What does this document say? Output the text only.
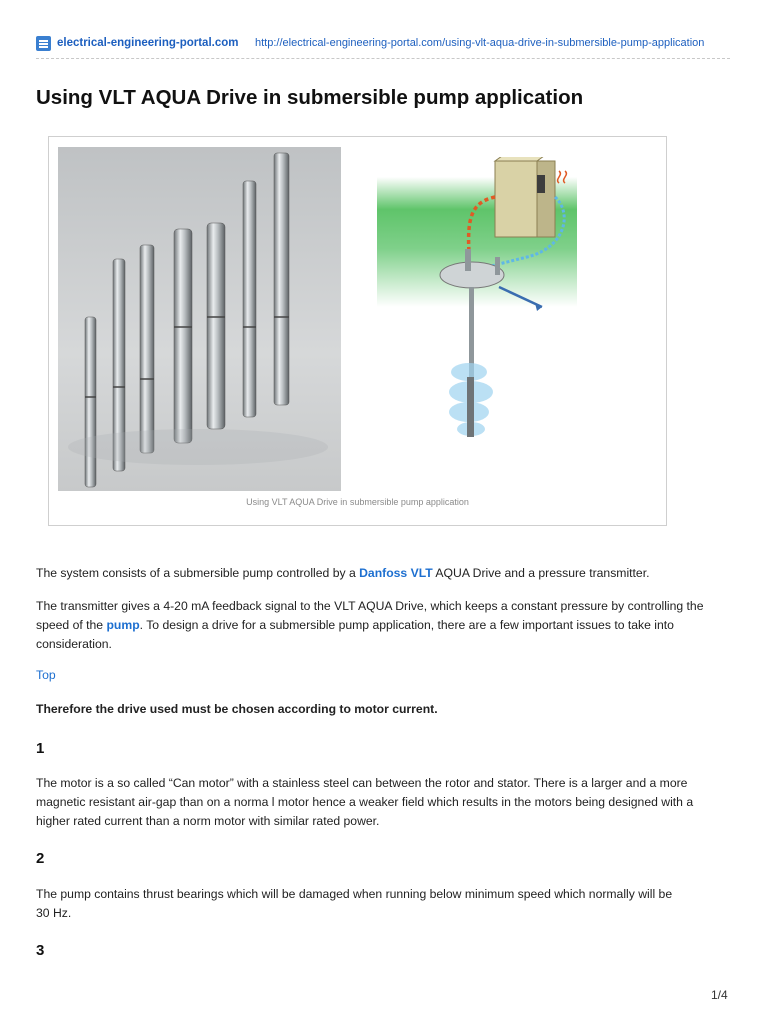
electrical-engineering-portal.com http://electrical-engineering-portal.com/using-vlt-aqua-drive-in-submersible-pump-application
Using VLT AQUA Drive in submersible pump application
Using VLT AQUA Drive in submersible pump application

The system consists of a submersible pump controlled by a Danfoss VLT AQUA Drive and a pressure transmitter.

The transmitter gives a 4-20 mA feedback signal to the VLT AQUA Drive, which keeps a constant pressure by controlling the speed of the pump. To design a drive for a submersible pump application, there are a few important issues to take into consideration.

Top

Therefore the drive used must be chosen according to motor current.

1

The motor is a so called “Can motor” with a stainless steel can between the rotor and stator. There is a larger and a more magnetic resistant air-gap than on a norma l motor hence a weaker field which results in the motors being designed with a higher rated current than a norm motor with similar rated power.

2

The pump contains thrust bearings which will be damaged when running below minimum speed which normally will be 30 Hz.

3
1/4
